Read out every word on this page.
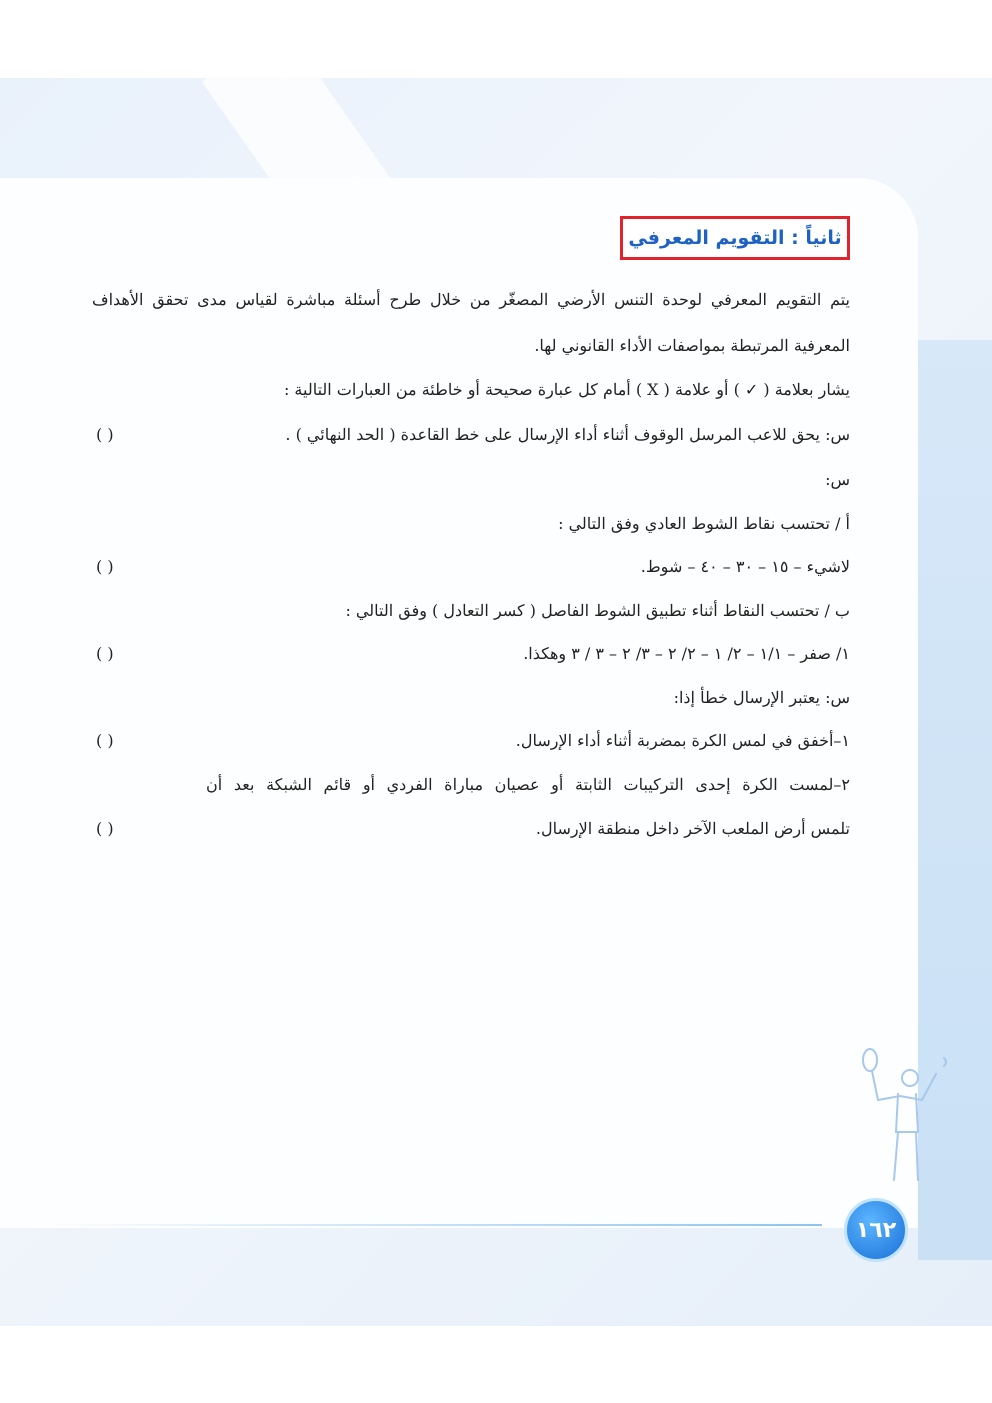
ثانياً : التقويم المعرفي
يتم التقويم المعرفي لوحدة التنس الأرضي المصغّر من خلال طرح أسئلة مباشرة لقياس مدى تحقق الأهداف
المعرفية المرتبطة بمواصفات الأداء القانوني لها.
يشار بعلامة ( ✓ ) أو علامة ( X ) أمام كل عبارة صحيحة أو خاطئة من العبارات التالية :
س: يحق للاعب المرسل الوقوف أثناء أداء الإرسال على خط القاعدة ( الحد النهائي ) .
( )
س:
أ / تحتسب نقاط الشوط العادي وفق التالي :
لاشيء – ١٥ – ٣٠ – ٤٠ – شوط.
( )
ب / تحتسب النقاط أثناء تطبيق الشوط الفاصل ( كسر التعادل ) وفق التالي :
١/ صفر – ١/١ – ٢/ ١ – ٢/ ٢ – ٣/ ٢ – ٣ / ٣ وهكذا.
( )
س: يعتبر الإرسال خطأ إذا:
١–أخفق في لمس الكرة بمضربة أثناء أداء الإرسال.
( )
٢–لمست الكرة إحدى التركيبات الثابتة أو عصيان مباراة الفردي أو قائم الشبكة بعد أن
تلمس أرض الملعب الآخر داخل منطقة الإرسال.
( )
١٦٢
